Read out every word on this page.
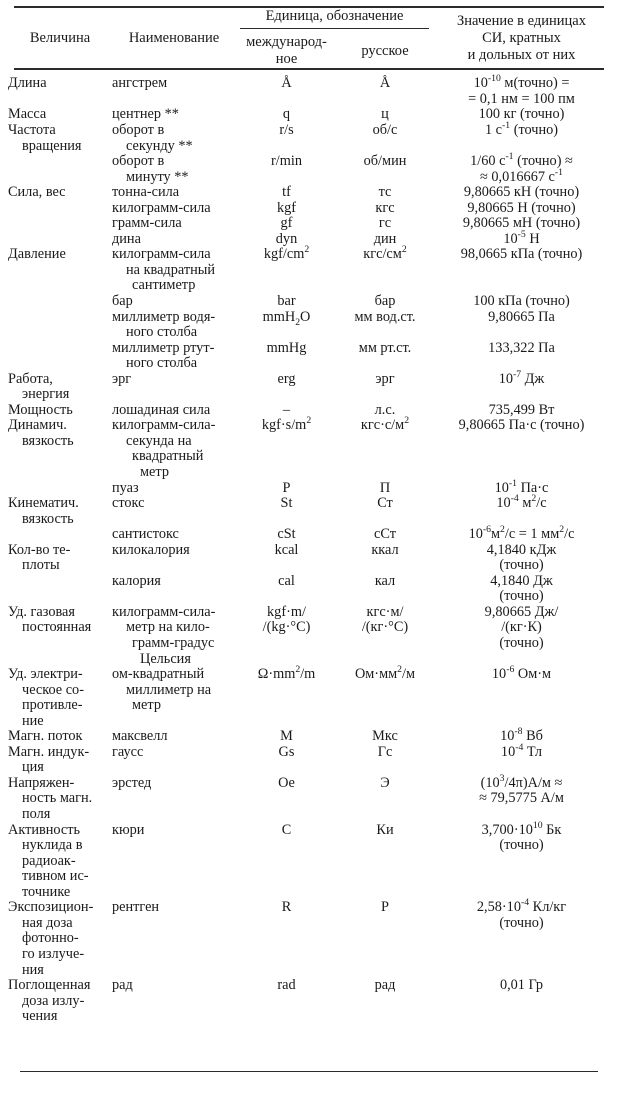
Величина	Наименование	Единица, обозначение		Значение в единицах
СИ, кратных
и дольных от них

		международ-
ное	русское	
Длина	ангстрем	Å	Å	$10^{-10}$ м(точно) =
= 0,1 нм = 100 пм

Масса	центнер **	q	ц	100 кг (точно)

Частота
вращения	оборот в
секунду **	r/s	об/с	1 $с^{-1}$ (точно)

	оборот в
минуту **	r/min	об/мин	1/60 $с^{-1}$ (точно) ≈
≈ 0,016667 $с^{-1}$

Сила, вес	тонна-сила	tf	тс	9,80665 кН (точно)

	килограмм-сила	kgf	кгс	9,80665 Н (точно)

	грамм-сила	gf	гс	9,80665 мН (точно)

	дина	dyn	дин	$10^{-5}$ Н

Давление	килограмм-сила
на квадратный
сантиметр	kgf/$cm^2$	кгс/$см^2$	98,0665 кПа (точно)

	бар	bar	бар	100 кПа (точно)

	миллиметр водя-
ного столба	mmH$_2$O	мм вод.ст.	9,80665 Па

	миллиметр ртут-
ного столба	mmHg	мм рт.ст.	133,322 Па

Работа,
энергия	эрг	erg	эрг	$10^{-7}$ Дж

Мощность	лошадиная сила	–	л.с.	735,499 Вт

Динамич.
вязкость	килограмм-сила-
секунда на
квадратный
метр	$kgf\cdot s/m^2$	$кгс\cdot с/м^2$	9,80665 Па·с (точно)

	пуаз	P	П	$10^{-1}$ Па·с

Кинематич.
вязкость	стокс	St	Ст	$10^{-4}$ $м^2/с$

	сантистокс	cSt	сСт	$10^{-6}м^2/с = 1$ $мм^2/с$

Кол-во те-
плоты	килокалория	kcal	ккал	4,1840 кДж
(точно)

	калория	cal	кал	4,1840 Дж
(точно)

Уд. газовая
постоянная	килограмм-сила-
метр на кило-
грамм-градус
Цельсия	kgf·m/
/(kg·°C)	кгс·м/
/(кг·°С)	9,80665 Дж/
/(кг·К)
(точно)

Уд. электри-
ческое со-
противле-
ние	ом-квадратный
миллиметр на
метр	$\Omega\cdot mm^2/m$	$Ом\cdot мм^2/м$	$10^{-6}$ Ом·м

Магн. поток	максвелл	M	Мкс	$10^{-8}$ Вб

Магн. индук-
ция	гаусс	Gs	Гс	$10^{-4}$ Тл

Напряжен-
ность магн.
поля	эрстед	Oe	Э	$(10^3/4\pi)А/м$ ≈
≈ 79,5775 А/м

Активность
нуклида в
радиоак-
тивном ис-
точнике	кюри	C	Ки	$3,700\cdot 10^{10}$ Бк
(точно)

Экспозицион-
ная доза
фотонно-
го излуче-
ния	рентген	R	Р	$2,58\cdot 10^{-4}$ Кл/кг
(точно)

Поглощенная
доза излу-
чения	рад	rad	рад	0,01 Гр
